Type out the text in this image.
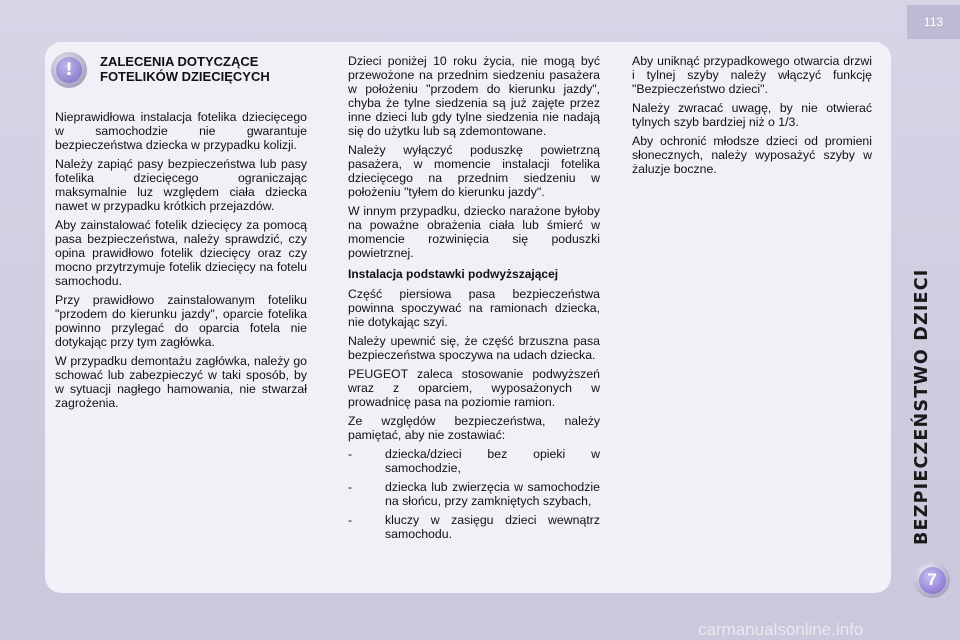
113
!	ZALECENIA DOTYCZĄCE FOTELIKÓW DZIECIĘCYCH

Nieprawidłowa instalacja fotelika dziecięcego w samochodzie nie gwarantuje bezpieczeństwa dziecka w przypadku kolizji.

Należy zapiąć pasy bezpieczeństwa lub pasy fotelika dziecięcego ograniczając maksymalnie luz względem ciała dziecka nawet w przypadku krótkich przejazdów.

Aby zainstalować fotelik dziecięcy za pomocą pasa bezpieczeństwa, należy sprawdzić, czy opina prawidłowo fotelik dziecięcy oraz czy mocno przytrzymuje fotelik dziecięcy na fotelu samochodu.

Przy prawidłowo zainstalowanym foteliku "przodem do kierunku jazdy", oparcie fotelika powinno przylegać do oparcia fotela nie dotykając przy tym zagłówka.

W przypadku demontażu zagłówka, należy go schować lub zabezpieczyć w taki sposób, by w sytuacji nagłego hamowania, nie stwarzał zagrożenia.

Dzieci poniżej 10 roku życia, nie mogą być przewożone na przednim siedzeniu pasażera w położeniu "przodem do kierunku jazdy", chyba że tylne siedzenia są już zajęte przez inne dzieci lub gdy tylne siedzenia nie nadają się do użytku lub są zdemontowane.

Należy wyłączyć poduszkę powietrzną pasażera, w momencie instalacji fotelika dziecięcego na przednim siedzeniu w położeniu "tyłem do kierunku jazdy".

W innym przypadku, dziecko narażone byłoby na poważne obrażenia ciała lub śmierć w momencie rozwinięcia się poduszki powietrznej.

Instalacja podstawki podwyższającej

Część piersiowa pasa bezpieczeństwa powinna spoczywać na ramionach dziecka, nie dotykając szyi.

Należy upewnić się, że część brzuszna pasa bezpieczeństwa spoczywa na udach dziecka.

PEUGEOT zaleca stosowanie podwyższeń wraz z oparciem, wyposażonych w prowadnicę pasa na poziomie ramion.

Ze względów bezpieczeństwa, należy pamiętać, aby nie zostawiać:

-	dziecka/dzieci bez opieki w samochodzie,
-	dziecka lub zwierzęcia w samochodzie na słońcu, przy zamkniętych szybach,
-	kluczy w zasięgu dzieci wewnątrz samochodu.

Aby uniknąć przypadkowego otwarcia drzwi i tylnej szyby należy włączyć funkcję "Bezpieczeństwo dzieci".

Należy zwracać uwagę, by nie otwierać tylnych szyb bardziej niż o 1/3.

Aby ochronić młodsze dzieci od promieni słonecznych, należy wyposażyć szyby w żaluzje boczne.

BEZPIECZEŃSTWO DZIECI
7
carmanualsonline.info
